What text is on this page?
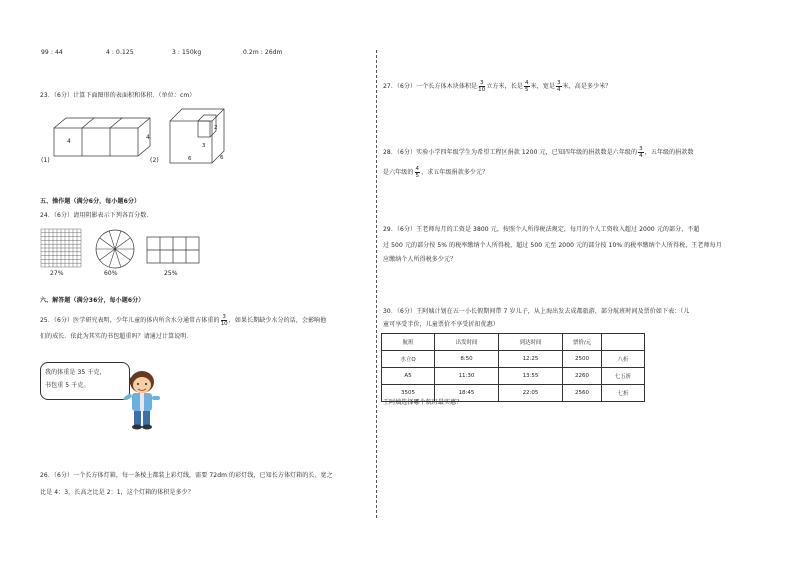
99 : 44	4 : 0.125	3 : 150kg	0.2m : 26dm
23．（6分）计算下面图形的表面积和体积．（单位：cm）
(1)
4
4
(2)
2
3
6	6
五、操作题（满分6分，每小题6分）
24．（6分）请用阴影表示下列各百分数.
27%	60%	25%
六、解答题（满分36分，每小题6分）
25．（6分）医学研究表明，少年儿童的体内所含水分通常占体重的 $\frac{3}{10}$ ，如果长期缺少水分的话，会影响他
们的成长．依此为其实的书包超重吗？请通过计算说明．
我的体重是 35 千克，
书包重 5 千克。
26．（6分）一个长方体灯箱，每一条棱上都装上彩灯线，需要 72dm 的彩灯线，已知长方体灯箱的长、宽之
比是 4：3，长高之比是 2：1，这个灯箱的体积是多少？
27．（6分）一个长方体木块体积是 $\frac{3}{10}$ 立方米，长是 $\frac{4}{5}$ 米，宽是 $\frac{3}{4}$ 米，高是多少米？
28．（6分）实验小学四年级学生为希望工程区捐款 1200 元，已知四年级的捐款数是六年级的 $\frac{3}{4}$ ，五年级的捐款数
是六年级的 $\frac{4}{5}$ ，求五年级捐款多少元？
29．（6分）王老师每月的工资是 3800 元，按照个人所得税法规定，每月的个人工资收入超过 2000 元的部分，不超
过 500 元的部分按 5% 的税率缴纳个人所得税，超过 500 元至 2000 元的部分按 10% 的税率缴纳个人所得税，王老师每月
应缴纳个人所得税多少元？
30．（6分）王阿姨计划在五一小长假期间带 7 岁儿子，从上海出发去成都旅游，部分航班时间及票价如下表：（儿
童可享受半价，儿童票价不享受折扣优惠）
航班	出发时间	到达时间	票价/元	
水立O	8:50	12:25	2500	八折
A5	11:30	13:55	2260	七五折
3505	18:45	22:05	2560	七折
王阿姨选择哪个航班最实惠？
